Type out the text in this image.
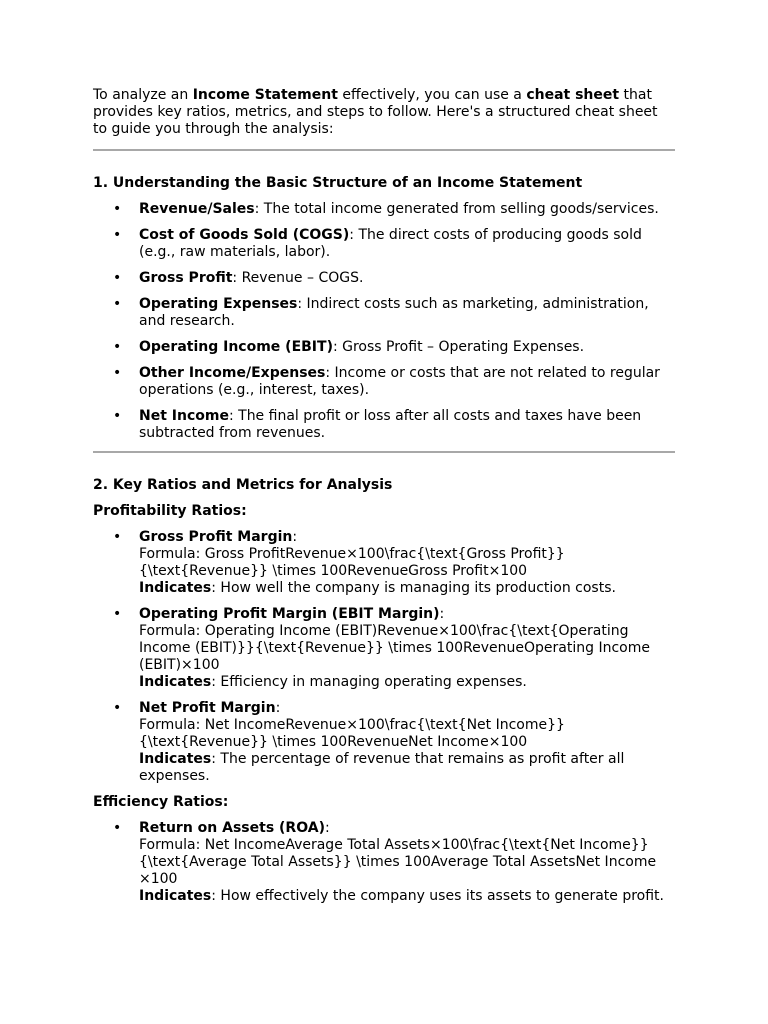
To analyze an Income Statement effectively, you can use a cheat sheet that provides key ratios, metrics, and steps to follow. Here's a structured cheat sheet to guide you through the analysis:

1. Understanding the Basic Structure of an Income Statement

• Revenue/Sales: The total income generated from selling goods/services.
• Cost of Goods Sold (COGS): The direct costs of producing goods sold (e.g., raw materials, labor).
• Gross Profit: Revenue – COGS.
• Operating Expenses: Indirect costs such as marketing, administration, and research.
• Operating Income (EBIT): Gross Profit – Operating Expenses.
• Other Income/Expenses: Income or costs that are not related to regular operations (e.g., interest, taxes).
• Net Income: The final profit or loss after all costs and taxes have been subtracted from revenues.

2. Key Ratios and Metrics for Analysis

Profitability Ratios:

• Gross Profit Margin:
Formula: Gross ProfitRevenue×100\frac{\text{Gross Profit}}{\text{Revenue}} \times 100RevenueGross Profit×100
Indicates: How well the company is managing its production costs.
• Operating Profit Margin (EBIT Margin):
Formula: Operating Income (EBIT)Revenue×100\frac{\text{Operating Income (EBIT)}}{\text{Revenue}} \times 100RevenueOperating Income (EBIT)×100
Indicates: Efficiency in managing operating expenses.
• Net Profit Margin:
Formula: Net IncomeRevenue×100\frac{\text{Net Income}}{\text{Revenue}} \times 100RevenueNet Income×100
Indicates: The percentage of revenue that remains as profit after all expenses.

Efficiency Ratios:

• Return on Assets (ROA):
Formula: Net IncomeAverage Total Assets×100\frac{\text{Net Income}}{\text{Average Total Assets}} \times 100Average Total AssetsNet Income ×100
Indicates: How effectively the company uses its assets to generate profit.
